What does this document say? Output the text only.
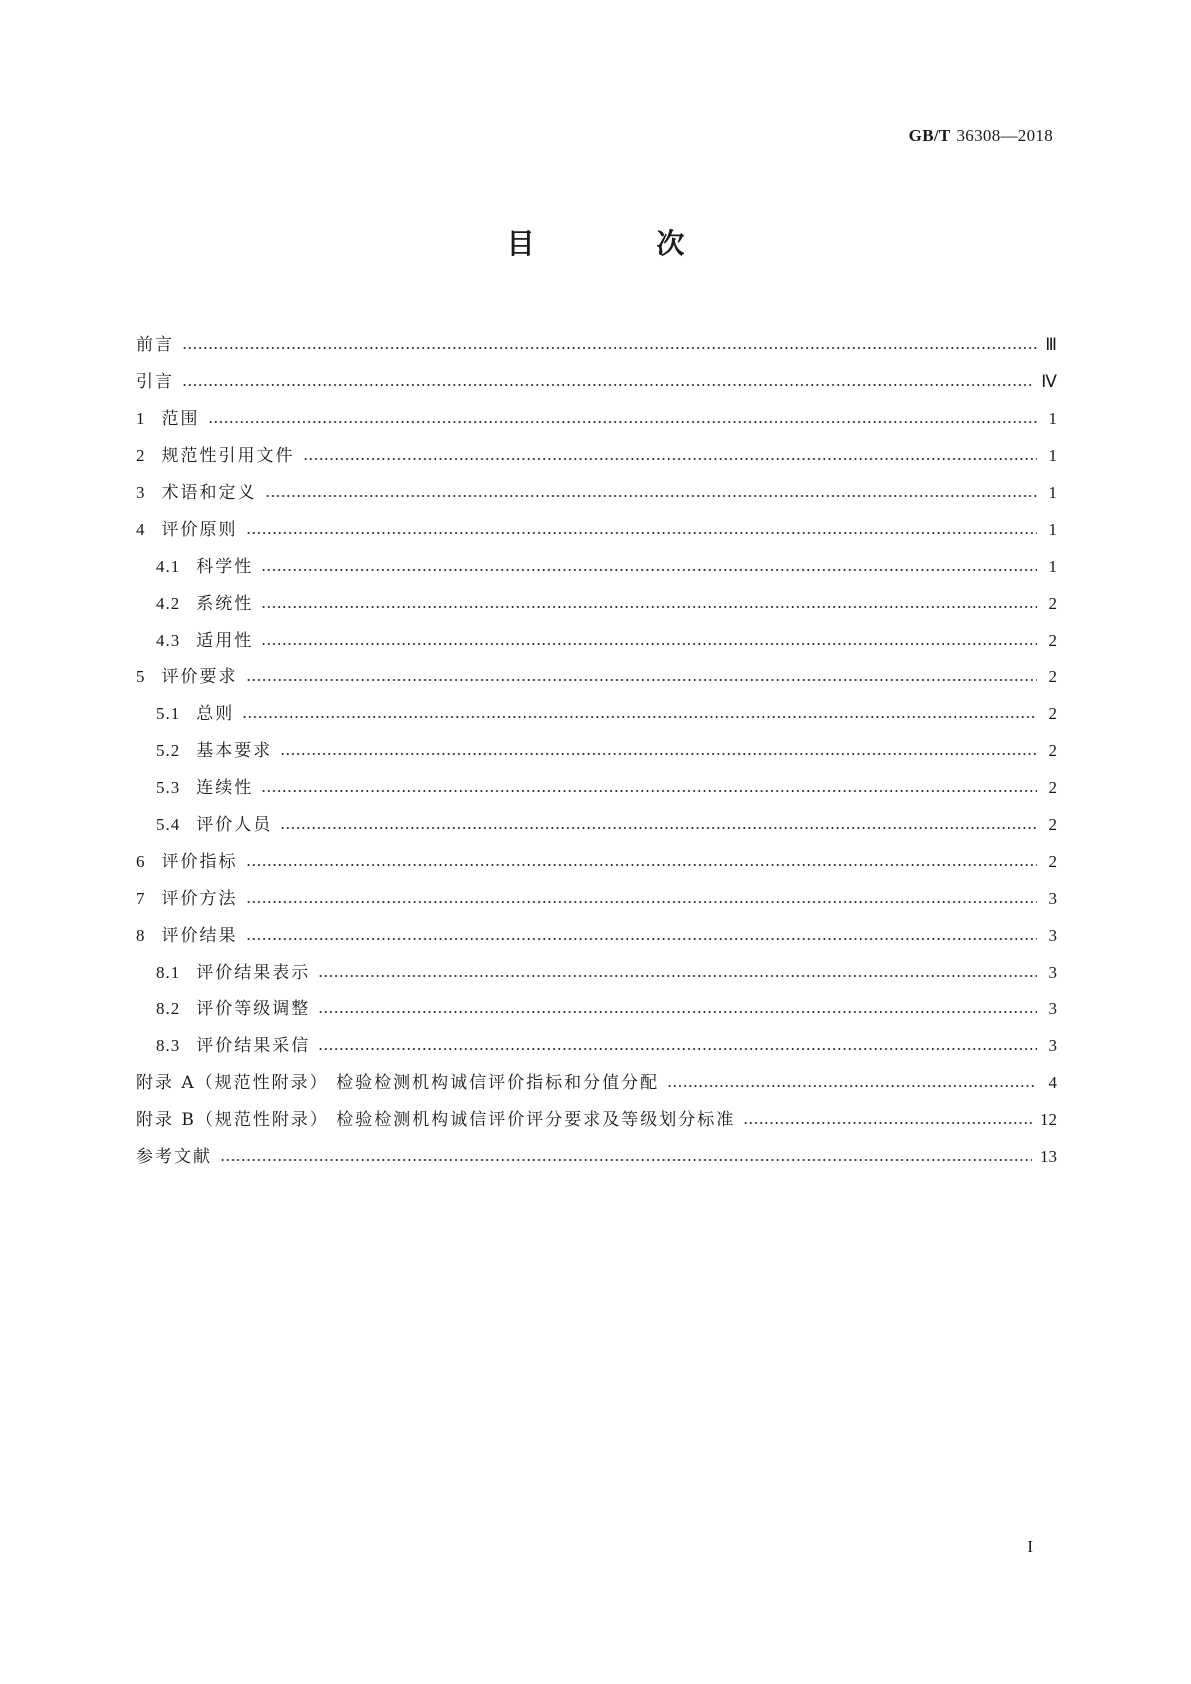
GB/T 36308—2018
目 次
前言	Ⅲ
引言	Ⅳ
1 范围	1
2 规范性引用文件	1
3 术语和定义	1
4 评价原则	1
4.1 科学性	1
4.2 系统性	2
4.3 适用性	2
5 评价要求	2
5.1 总则	2
5.2 基本要求	2
5.3 连续性	2
5.4 评价人员	2
6 评价指标	2
7 评价方法	3
8 评价结果	3
8.1 评价结果表示	3
8.2 评价等级调整	3
8.3 评价结果采信	3
附录 A（规范性附录） 检验检测机构诚信评价指标和分值分配	4
附录 B（规范性附录） 检验检测机构诚信评价评分要求及等级划分标准	12
参考文献	13
I
